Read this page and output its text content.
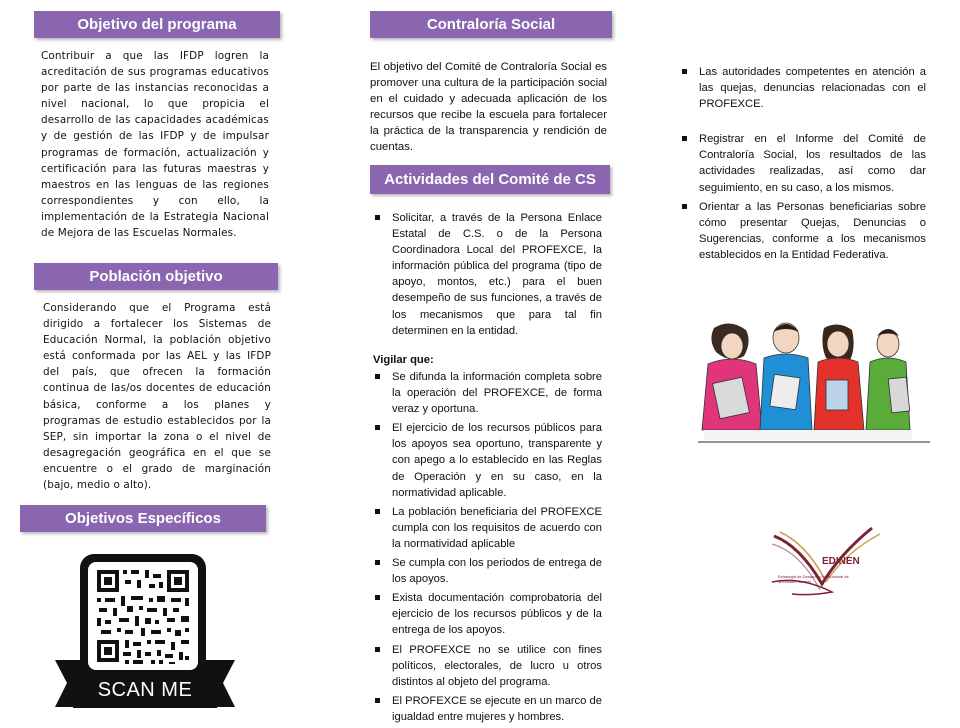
Objetivo del programa
Contribuir a que las IFDP logren la acreditación de sus programas educativos por parte de las instancias reconocidas a nivel nacional, lo que propicia el desarrollo de las capacidades académicas y de gestión de las IFDP y de impulsar programas de formación, actualización y certificación para las futuras maestras y maestros en las lenguas de las regiones correspondientes y con ello, la implementación de la Estrategia Nacional de Mejora de las Escuelas Normales.
Población objetivo
Considerando que el Programa está dirigido a fortalecer los Sistemas de Educación Normal, la población objetivo está conformada por las AEL y las IFDP del país, que ofrecen la formación continua de las/os docentes de educación básica, conforme a los planes y programas de estudio establecidos por la SEP, sin importar la zona o el nivel de desagregación geográfica en el que se encuentre o el grado de marginación (bajo, medio o alto).
Objetivos Específicos
SCAN ME
Contraloría Social
El objetivo del Comité de Contraloría Social es promover una cultura de la participación social en el cuidado y adecuada aplicación de los recursos que recibe la escuela para fortalecer la práctica de la transparencia y rendición de cuentas.
Actividades del Comité de CS
Solicitar, a través de la Persona Enlace Estatal de C.S. o de la Persona Coordinadora Local del PROFEXCE, la información pública del programa (tipo de apoyo, montos, etc.) para el buen desempeño de sus funciones, a través de los mecanismos que para tal fin determinen en la entidad.
Vigilar que:
Se difunda la información completa sobre la operación del PROFEXCE, de forma veraz y oportuna.
El ejercicio de los recursos públicos para los apoyos sea oportuno, transparente y con apego a lo establecido en las Reglas de Operación y en su caso, en la normatividad aplicable.
La población beneficiaria del PROFEXCE cumpla con los requisitos de acuerdo con la normatividad aplicable
Se cumpla con los periodos de entrega de los apoyos.
Exista documentación comprobatoria del ejercicio de los recursos públicos y de la entrega de los apoyos.
El PROFEXCE no se utilice con fines políticos, electorales, de lucro u otros distintos al objeto del programa.
El PROFEXCE se ejecute en un marco de igualdad entre mujeres y hombres.
Las autoridades competentes en atención a las quejas, denuncias relacionadas con el PROFEXCE.
Registrar en el Informe del Comité de Contraloría Social, los resultados de las actividades realizadas, así como dar seguimiento, en su caso, a los mismos.
Orientar a las Personas beneficiarias sobre cómo presentar Quejas, Denuncias o Sugerencias, conforme a los mecanismos establecidos en la Entidad Federativa.
EDINEN
Estrategia de Desarrollo Institucional de la Escuela Normal
